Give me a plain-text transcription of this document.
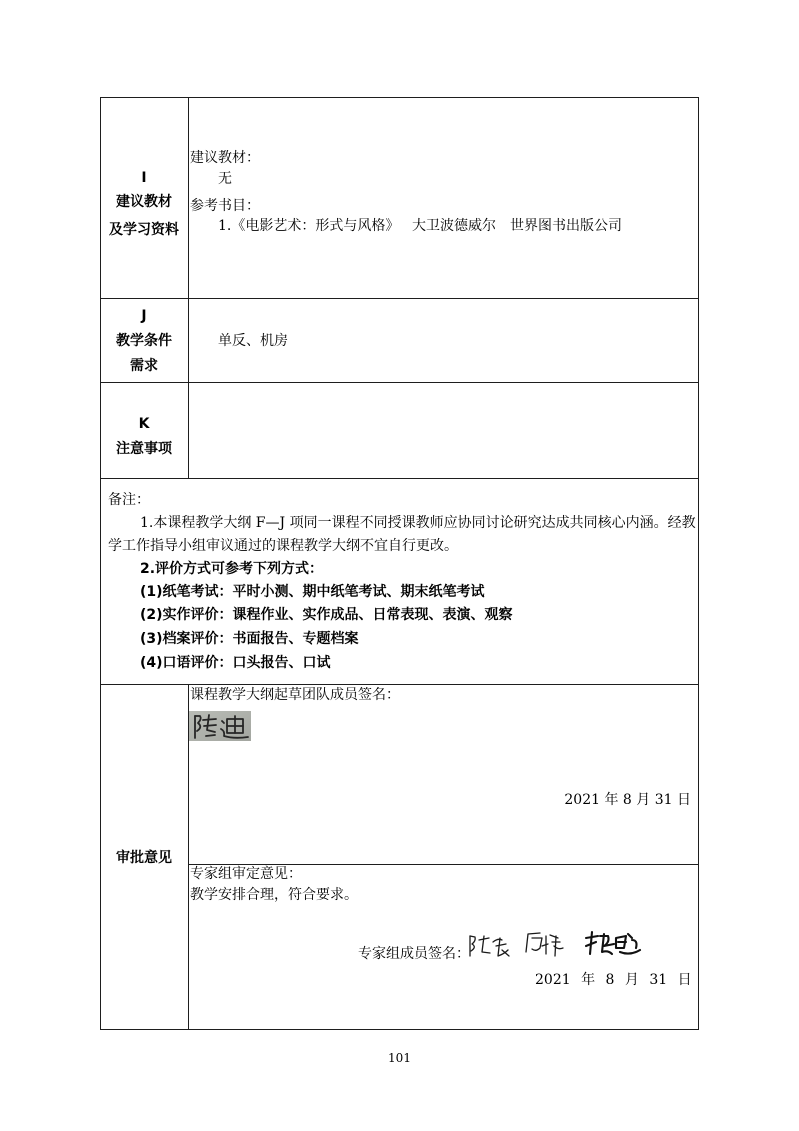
I
建议教材
及学习资料
建议教材：
无
参考书目：
1.《电影艺术：形式与风格》 大卫波德威尔 世界图书出版公司
J
教学条件
需求
单反、机房
K
注意事项
备注：
1.本课程教学大纲 F—J 项同一课程不同授课教师应协同讨论研究达成共同核心内涵。经教
学工作指导小组审议通过的课程教学大纲不宜自行更改。
2.评价方式可参考下列方式：
(1)纸笔考试：平时小测、期中纸笔考试、期末纸笔考试
(2)实作评价：课程作业、实作成品、日常表现、表演、观察
(3)档案评价：书面报告、专题档案
(4)口语评价：口头报告、口试
审批意见
课程教学大纲起草团队成员签名：
2021 年 8 月 31 日
专家组审定意见：
教学安排合理，符合要求。
专家组成员签名：
2021 年 8 月 31 日
101
